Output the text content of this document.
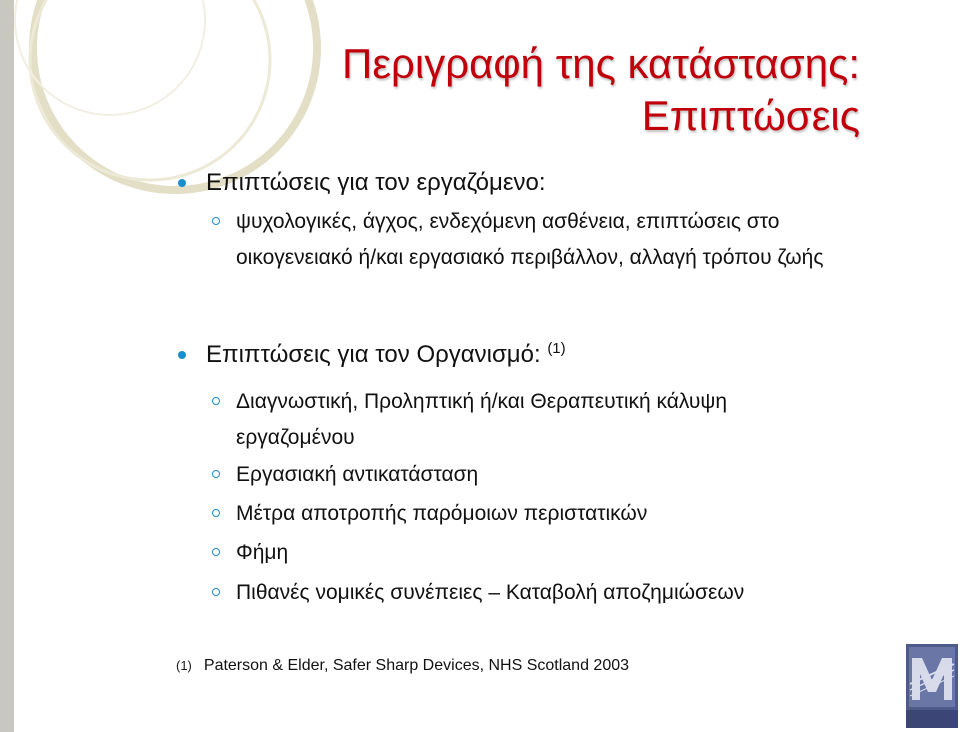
Περιγραφή της κατάστασης:
Επιπτώσεις
Επιπτώσεις για τον εργαζόμενο:
ψυχολογικές, άγχος, ενδεχόμενη ασθένεια, επιπτώσεις στο οικογενειακό ή/και εργασιακό περιβάλλον, αλλαγή τρόπου ζωής
Επιπτώσεις για τον Οργανισμό: $^{(1)}$
Διαγνωστική, Προληπτική ή/και Θεραπευτική κάλυψη εργαζομένου
Εργασιακή αντικατάσταση
Μέτρα αποτροπής παρόμοιων περιστατικών
Φήμη
Πιθανές νομικές συνέπειες – Καταβολή αποζημιώσεων
(1) Paterson & Elder, Safer Sharp Devices, NHS Scotland 2003
